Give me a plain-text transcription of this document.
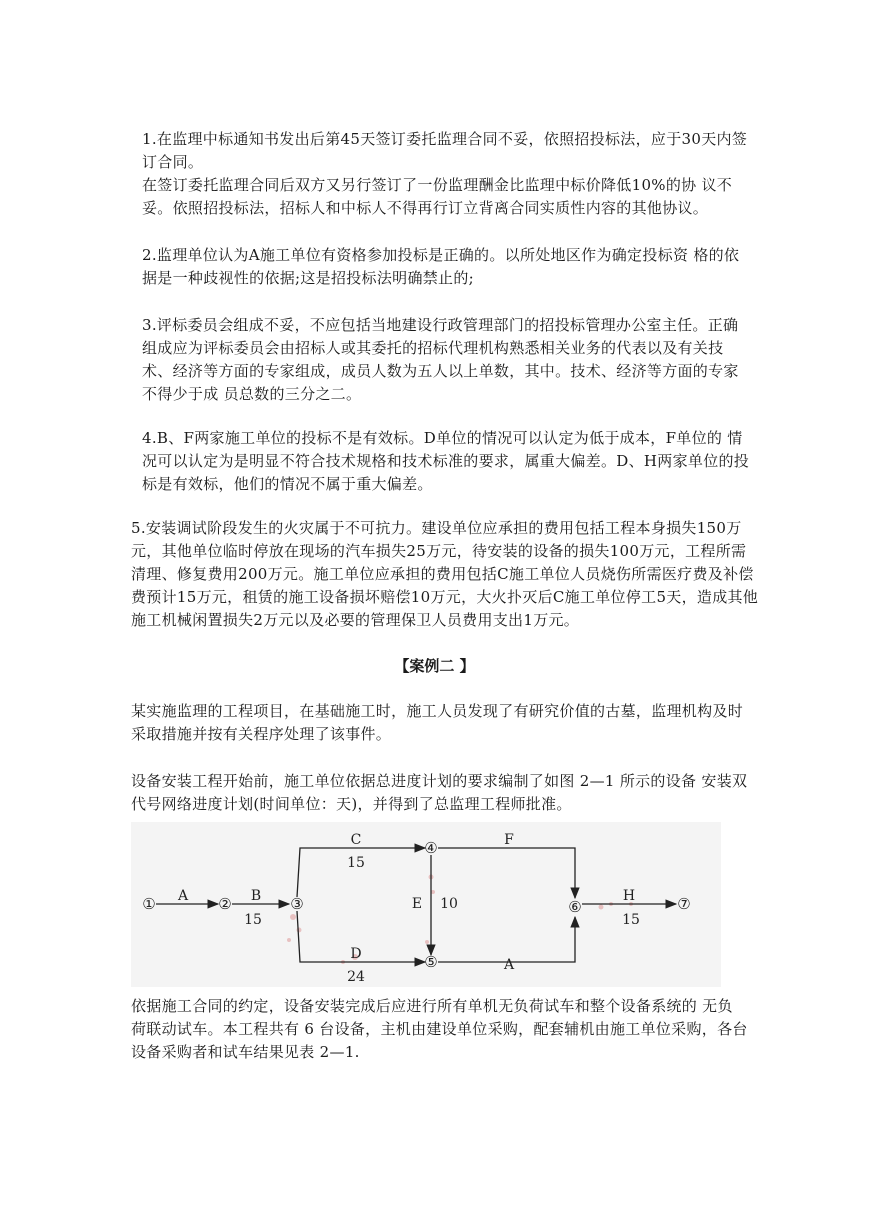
1.在监理中标通知书发出后第45天签订委托监理合同不妥，依照招投标法，应于30天内签
订合同。
在签订委托监理合同后双方又另行签订了一份监理酬金比监理中标价降低10%的协 议不
妥。依照招投标法，招标人和中标人不得再行订立背离合同实质性内容的其他协议。
2.监理单位认为A施工单位有资格参加投标是正确的。以所处地区作为确定投标资 格的依
据是一种歧视性的依据;这是招投标法明确禁止的;
3.评标委员会组成不妥，不应包括当地建设行政管理部门的招投标管理办公室主任。正确
组成应为评标委员会由招标人或其委托的招标代理机构熟悉相关业务的代表以及有关技
术、经济等方面的专家组成，成员人数为五人以上单数，其中。技术、经济等方面的专家
不得少于成 员总数的三分之二。
4.B、F两家施工单位的投标不是有效标。D单位的情况可以认定为低于成本，F单位的 情
况可以认定为是明显不符合技术规格和技术标准的要求，属重大偏差。D、H两家单位的投
标是有效标，他们的情况不属于重大偏差。
5.安装调试阶段发生的火灾属于不可抗力。建设单位应承担的费用包括工程本身损失150万
元，其他单位临时停放在现场的汽车损失25万元，待安装的设备的损失100万元，工程所需
清理、修复费用200万元。施工单位应承担的费用包括C施工单位人员烧伤所需医疗费及补偿
费预计15万元，租赁的施工设备损坏赔偿10万元，大火扑灭后C施工单位停工5天，造成其他
施工机械闲置损失2万元以及必要的管理保卫人员费用支出1万元。
【案例二 】
某实施监理的工程项目，在基础施工时，施工人员发现了有研究价值的古墓，监理机构及时
采取措施并按有关程序处理了该事件。
设备安装工程开始前，施工单位依据总进度计划的要求编制了如图 2—1 所示的设备 安装双
代号网络进度计划(时间单位：天)，并得到了总监理工程师批准。
①	②	③
④
⑤
⑥	⑦
A	B
15
C
15
D
24
E 10
F
A
H
15
依据施工合同的约定，设备安装完成后应进行所有单机无负荷试车和整个设备系统的 无负
荷联动试车。本工程共有 6 台设备，主机由建设单位采购，配套辅机由施工单位采购，各台
设备采购者和试车结果见表 2—1.
